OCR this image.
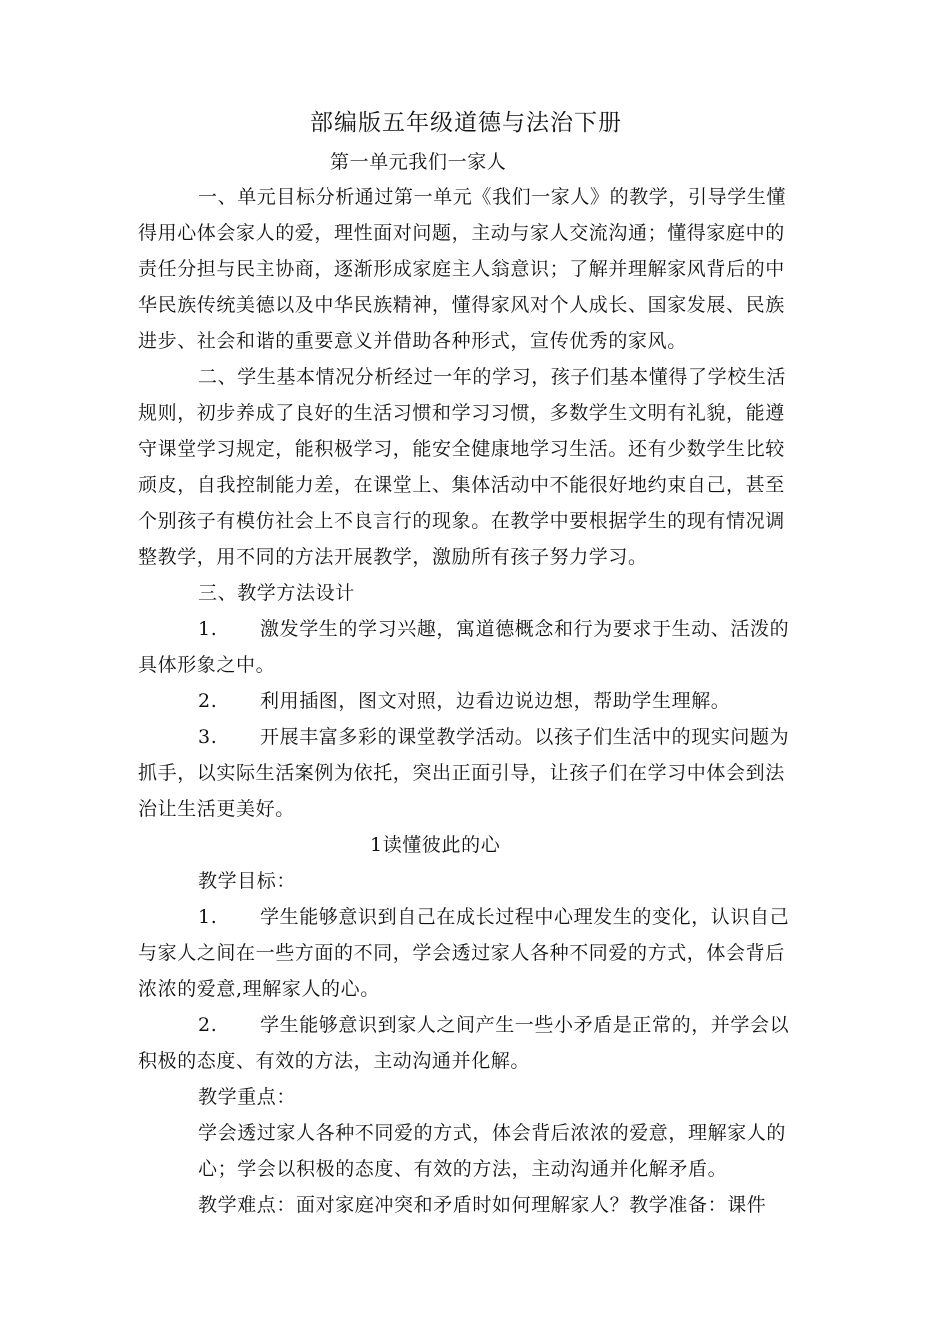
部编版五年级道德与法治下册
第一单元我们一家人
一、单元目标分析通过第一单元《我们一家人》的教学，引导学生懂
得用心体会家人的爱，理性面对问题，主动与家人交流沟通；懂得家庭中的
责任分担与民主协商，逐渐形成家庭主人翁意识；了解并理解家风背后的中
华民族传统美德以及中华民族精神，懂得家风对个人成长、国家发展、民族
进步、社会和谐的重要意义并借助各种形式，宣传优秀的家风。
二、学生基本情况分析经过一年的学习，孩子们基本懂得了学校生活
规则，初步养成了良好的生活习惯和学习习惯，多数学生文明有礼貌，能遵
守课堂学习规定，能积极学习，能安全健康地学习生活。还有少数学生比较
顽皮，自我控制能力差，在课堂上、集体活动中不能很好地约束自己，甚至
个别孩子有模仿社会上不良言行的现象。在教学中要根据学生的现有情况调
整教学，用不同的方法开展教学，激励所有孩子努力学习。
三、教学方法设计
1. 激发学生的学习兴趣，寓道德概念和行为要求于生动、活泼的
具体形象之中。
2. 利用插图，图文对照，边看边说边想，帮助学生理解。
3. 开展丰富多彩的课堂教学活动。以孩子们生活中的现实问题为
抓手，以实际生活案例为依托，突出正面引导，让孩子们在学习中体会到法
治让生活更美好。
1读懂彼此的心
教学目标：
1. 学生能够意识到自己在成长过程中心理发生的变化，认识自己
与家人之间在一些方面的不同，学会透过家人各种不同爱的方式，体会背后
浓浓的爱意,理解家人的心。
2. 学生能够意识到家人之间产生一些小矛盾是正常的，并学会以
积极的态度、有效的方法，主动沟通并化解。
教学重点：
学会透过家人各种不同爱的方式，体会背后浓浓的爱意，理解家人的
心；学会以积极的态度、有效的方法，主动沟通并化解矛盾。
教学难点：面对家庭冲突和矛盾时如何理解家人？教学准备：课件
